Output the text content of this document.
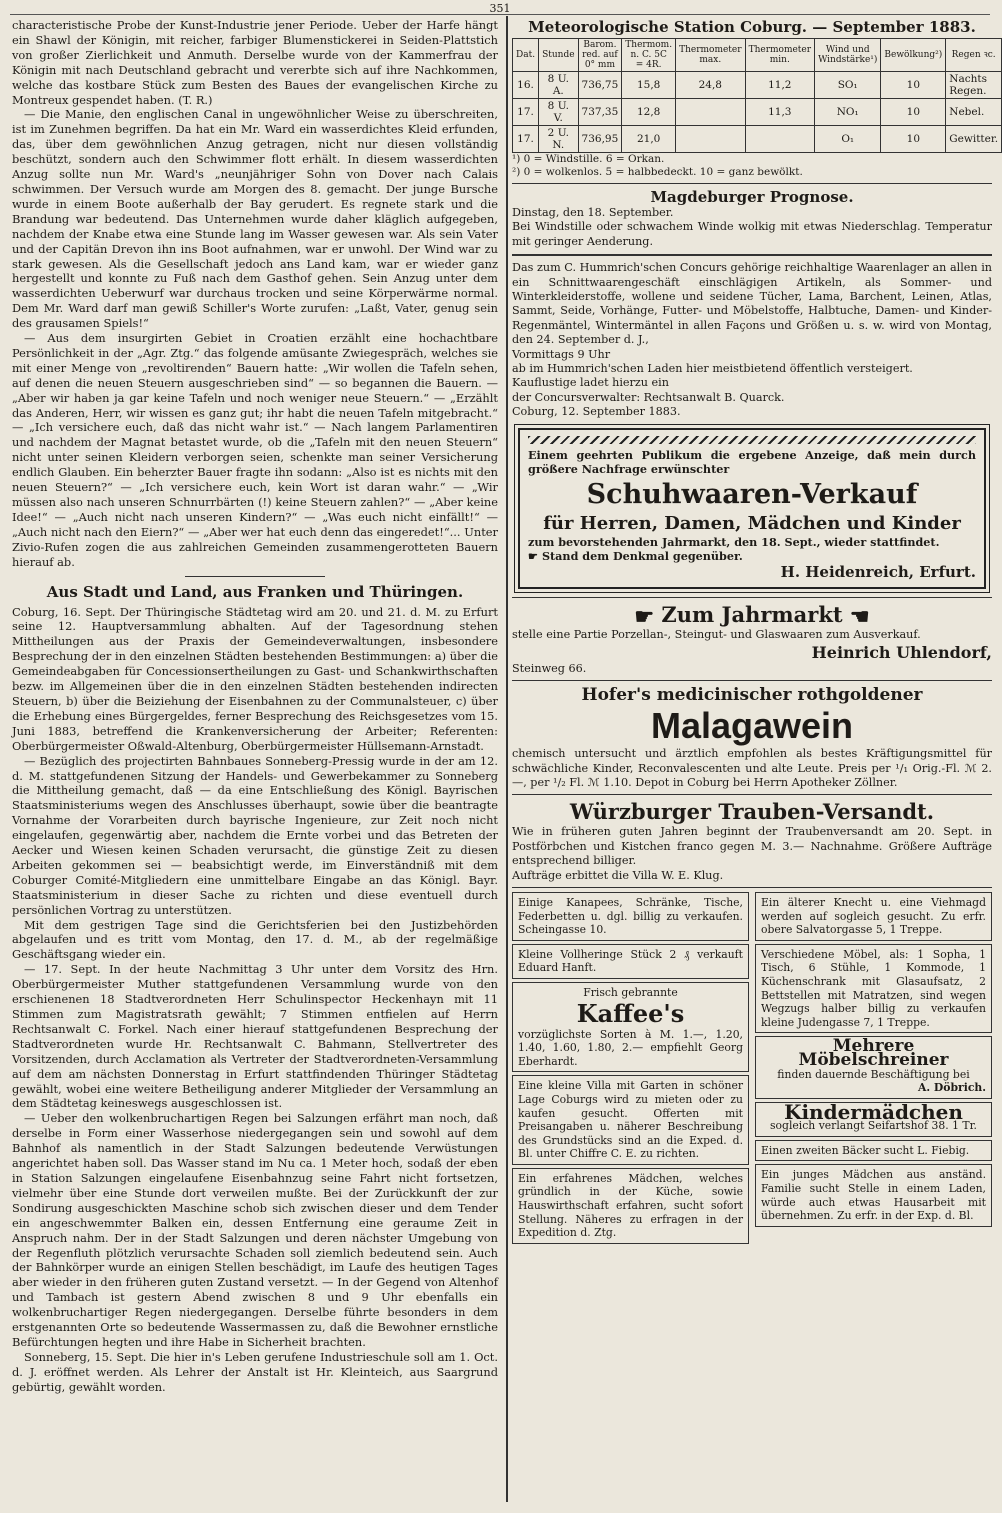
351

characteristische Probe der Kunst-Industrie jener Periode. Ueber der Harfe hängt ein Shawl der Königin, mit reicher, farbiger Blumenstickerei in Seiden-Plattstich von großer Zierlichkeit und Anmuth. Derselbe wurde von der Kammerfrau der Königin mit nach Deutschland gebracht und vererbte sich auf ihre Nachkommen, welche das kostbare Stück zum Besten des Baues der evangelischen Kirche zu Montreux gespendet haben. (T. R.)

— Die Manie, den englischen Canal in ungewöhnlicher Weise zu überschreiten, ist im Zunehmen begriffen. Da hat ein Mr. Ward ein wasserdichtes Kleid erfunden, das, über dem gewöhnlichen Anzug getragen, nicht nur diesen vollständig beschützt, sondern auch den Schwimmer flott erhält. In diesem wasserdichten Anzug sollte nun Mr. Ward's „neunjähriger Sohn von Dover nach Calais schwimmen. Der Versuch wurde am Morgen des 8. gemacht. Der junge Bursche wurde in einem Boote außerhalb der Bay gerudert. Es regnete stark und die Brandung war bedeutend. Das Unternehmen wurde daher kläglich aufgegeben, nachdem der Knabe etwa eine Stunde lang im Wasser gewesen war. Als sein Vater und der Capitän Drevon ihn ins Boot aufnahmen, war er unwohl. Der Wind war zu stark gewesen. Als die Gesellschaft jedoch ans Land kam, war er wieder ganz hergestellt und konnte zu Fuß nach dem Gasthof gehen. Sein Anzug unter dem wasserdichten Ueberwurf war durchaus trocken und seine Körperwärme normal. Dem Mr. Ward darf man gewiß Schiller's Worte zurufen: „Laßt, Vater, genug sein des grausamen Spiels!“

— Aus dem insurgirten Gebiet in Croatien erzählt eine hochachtbare Persönlichkeit in der „Agr. Ztg.“ das folgende amüsante Zwiegespräch, welches sie mit einer Menge von „revoltirenden“ Bauern hatte: „Wir wollen die Tafeln sehen, auf denen die neuen Steuern ausgeschrieben sind“ — so begannen die Bauern. — „Aber wir haben ja gar keine Tafeln und noch weniger neue Steuern.“ — „Erzählt das Anderen, Herr, wir wissen es ganz gut; ihr habt die neuen Tafeln mitgebracht.“ — „Ich versichere euch, daß das nicht wahr ist.“ — Nach langem Parlamentiren und nachdem der Magnat betastet wurde, ob die „Tafeln mit den neuen Steuern“ nicht unter seinen Kleidern verborgen seien, schenkte man seiner Versicherung endlich Glauben. Ein beherzter Bauer fragte ihn sodann: „Also ist es nichts mit den neuen Steuern?“ — „Ich versichere euch, kein Wort ist daran wahr.“ — „Wir müssen also nach unseren Schnurrbärten (!) keine Steuern zahlen?“ — „Aber keine Idee!“ — „Auch nicht nach unseren Kindern?“ — „Was euch nicht einfällt!“ — „Auch nicht nach den Eiern?“ — „Aber wer hat euch denn das eingeredet!“... Unter Zivio-Rufen zogen die aus zahlreichen Gemeinden zusammengerotteten Bauern hierauf ab.

Aus Stadt und Land, aus Franken und Thüringen.

Coburg, 16. Sept. Der Thüringische Städtetag wird am 20. und 21. d. M. zu Erfurt seine 12. Hauptversammlung abhalten. Auf der Tagesordnung stehen Mittheilungen aus der Praxis der Gemeindeverwaltungen, insbesondere Besprechung der in den einzelnen Städten bestehenden Bestimmungen: a) über die Gemeindeabgaben für Concessionsertheilungen zu Gast- und Schankwirthschaften bezw. im Allgemeinen über die in den einzelnen Städten bestehenden indirecten Steuern, b) über die Beiziehung der Eisenbahnen zu der Communalsteuer, c) über die Erhebung eines Bürgergeldes, ferner Besprechung des Reichsgesetzes vom 15. Juni 1883, betreffend die Krankenversicherung der Arbeiter; Referenten: Oberbürgermeister Oßwald-Altenburg, Oberbürgermeister Hüllsemann-Arnstadt.

— Bezüglich des projectirten Bahnbaues Sonneberg-Pressig wurde in der am 12. d. M. stattgefundenen Sitzung der Handels- und Gewerbekammer zu Sonneberg die Mittheilung gemacht, daß — da eine Entschließung des Königl. Bayrischen Staatsministeriums wegen des Anschlusses überhaupt, sowie über die beantragte Vornahme der Vorarbeiten durch bayrische Ingenieure, zur Zeit noch nicht eingelaufen, gegenwärtig aber, nachdem die Ernte vorbei und das Betreten der Aecker und Wiesen keinen Schaden verursacht, die günstige Zeit zu diesen Arbeiten gekommen sei — beabsichtigt werde, im Einverständniß mit dem Coburger Comité-Mitgliedern eine unmittelbare Eingabe an das Königl. Bayr. Staatsministerium in dieser Sache zu richten und diese eventuell durch persönlichen Vortrag zu unterstützen.

Mit dem gestrigen Tage sind die Gerichtsferien bei den Justizbehörden abgelaufen und es tritt vom Montag, den 17. d. M., ab der regelmäßige Geschäftsgang wieder ein.

— 17. Sept. In der heute Nachmittag 3 Uhr unter dem Vorsitz des Hrn. Oberbürgermeister Muther stattgefundenen Versammlung wurde von den erschienenen 18 Stadtverordneten Herr Schulinspector Heckenhayn mit 11 Stimmen zum Magistratsrath gewählt; 7 Stimmen entfielen auf Herrn Rechtsanwalt C. Forkel. Nach einer hierauf stattgefundenen Besprechung der Stadtverordneten wurde Hr. Rechtsanwalt C. Bahmann, Stellvertreter des Vorsitzenden, durch Acclamation als Vertreter der Stadtverordneten-Versammlung auf dem am nächsten Donnerstag in Erfurt stattfindenden Thüringer Städtetag gewählt, wobei eine weitere Betheiligung anderer Mitglieder der Versammlung an dem Städtetag keineswegs ausgeschlossen ist.

— Ueber den wolkenbruchartigen Regen bei Salzungen erfährt man noch, daß derselbe in Form einer Wasserhose niedergegangen sein und sowohl auf dem Bahnhof als namentlich in der Stadt Salzungen bedeutende Verwüstungen angerichtet haben soll. Das Wasser stand im Nu ca. 1 Meter hoch, sodaß der eben in Station Salzungen eingelaufene Eisenbahnzug seine Fahrt nicht fortsetzen, vielmehr über eine Stunde dort verweilen mußte. Bei der Zurückkunft der zur Sondirung ausgeschickten Maschine schob sich zwischen dieser und dem Tender ein angeschwemmter Balken ein, dessen Entfernung eine geraume Zeit in Anspruch nahm. Der in der Stadt Salzungen und deren nächster Umgebung von der Regenfluth plötzlich verursachte Schaden soll ziemlich bedeutend sein. Auch der Bahnkörper wurde an einigen Stellen beschädigt, im Laufe des heutigen Tages aber wieder in den früheren guten Zustand versetzt. — In der Gegend von Altenhof und Tambach ist gestern Abend zwischen 8 und 9 Uhr ebenfalls ein wolkenbruchartiger Regen niedergegangen. Derselbe führte besonders in dem erstgenannten Orte so bedeutende Wassermassen zu, daß die Bewohner ernstliche Befürchtungen hegten und ihre Habe in Sicherheit brachten.

Sonneberg, 15. Sept. Die hier in's Leben gerufene Industrieschule soll am 1. Oct. d. J. eröffnet werden. Als Lehrer der Anstalt ist Hr. Kleinteich, aus Saargrund gebürtig, gewählt worden.

Meteorologische Station Coburg. — September 1883.

Dat.	Stunde	Barom. red. auf 0° mm	Thermom. n. C. 5C = 4R.	Thermometer max.	Thermometer min.	Wind und Windstärke¹)	Bewölkung²)	Regen ꝛc.
16.	8 U. A.	736,75	15,8	24,8	11,2	SO₁	10	Nachts Regen.
17.	8 U. V.	737,35	12,8		11,3	NO₁	10	Nebel.
17.	2 U. N.	736,95	21,0			O₁	10	Gewitter.
¹) 0 = Windstille. 6 = Orkan.
²) 0 = wolkenlos. 5 = halbbedeckt. 10 = ganz bewölkt.

Magdeburger Prognose.

Dinstag, den 18. September.

Bei Windstille oder schwachem Winde wolkig mit etwas Niederschlag. Temperatur mit geringer Aenderung.

Das zum C. Hummrich'schen Concurs gehörige reichhaltige Waarenlager an allen in ein Schnittwaarengeschäft einschlägigen Artikeln, als Sommer- und Winterkleiderstoffe, wollene und seidene Tücher, Lama, Barchent, Leinen, Atlas, Sammt, Seide, Vorhänge, Futter- und Möbelstoffe, Halbtuche, Damen- und Kinder-Regenmäntel, Wintermäntel in allen Façons und Größen u. s. w. wird von Montag, den 24. September d. J.,

Vormittags 9 Uhr

ab im Hummrich'schen Laden hier meistbietend öffentlich versteigert.

Kauflustige ladet hierzu ein
der Concursverwalter: Rechtsanwalt B. Quarck.
Coburg, 12. September 1883.
Einem geehrten Publikum die ergebene Anzeige, daß mein durch größere Nachfrage erwünschter
Schuhwaaren-Verkauf
für Herren, Damen, Mädchen und Kinder
zum bevorstehenden Jahrmarkt, den 18. Sept., wieder stattfindet.
☛ Stand dem Denkmal gegenüber.
H. Heidenreich, Erfurt.
☛ Zum Jahrmarkt ☚

stelle eine Partie Porzellan-, Steingut- und Glaswaaren zum Ausverkauf.

Heinrich Uhlendorf,
Steinweg 66.
Hofer's medicinischer rothgoldener
Malagawein

chemisch untersucht und ärztlich empfohlen als bestes Kräftigungsmittel für schwächliche Kinder, Reconvalescenten und alte Leute. Preis per ¹/₁ Orig.-Fl. ℳ 2.—, per ¹/₂ Fl. ℳ 1.10. Depot in Coburg bei Herrn Apotheker Zöllner.

Würzburger Trauben-Versandt.

Wie in früheren guten Jahren beginnt der Traubenversandt am 20. Sept. in Postförbchen und Kistchen franco gegen M. 3.— Nachnahme. Größere Aufträge entsprechend billiger.

Aufträge erbittet die Villa W. E. Klug.

Einige Kanapees, Schränke, Tische, Federbetten u. dgl. billig zu verkaufen. Scheingasse 10.

Kleine Vollheringe Stück 2 ₰ verkauft Eduard Hanft.

Frisch gebrannte
Kaffee's

vorzüglichste Sorten à M. 1.—, 1.20, 1.40, 1.60, 1.80, 2.— empfiehlt Georg Eberhardt.

Eine kleine Villa mit Garten in schöner Lage Coburgs wird zu mieten oder zu kaufen gesucht. Offerten mit Preisangaben u. näherer Beschreibung des Grundstücks sind an die Exped. d. Bl. unter Chiffre C. E. zu richten.

Ein erfahrenes Mädchen, welches gründlich in der Küche, sowie Hauswirthschaft erfahren, sucht sofort Stellung. Näheres zu erfragen in der Expedition d. Ztg.

Ein älterer Knecht u. eine Viehmagd werden auf sogleich gesucht. Zu erfr. obere Salvatorgasse 5, 1 Treppe.

Verschiedene Möbel, als: 1 Sopha, 1 Tisch, 6 Stühle, 1 Kommode, 1 Küchenschrank mit Glasaufsatz, 2 Bettstellen mit Matratzen, sind wegen Wegzugs halber billig zu verkaufen kleine Judengasse 7, 1 Treppe.

Mehrere Möbelschreiner
finden dauernde Beschäftigung bei
A. Döbrich.
Kindermädchen
sogleich verlangt Seifartshof 38. 1 Tr.

Einen zweiten Bäcker sucht L. Fiebig.

Ein junges Mädchen aus anständ. Familie sucht Stelle in einem Laden, würde auch etwas Hausarbeit mit übernehmen. Zu erfr. in der Exp. d. Bl.
